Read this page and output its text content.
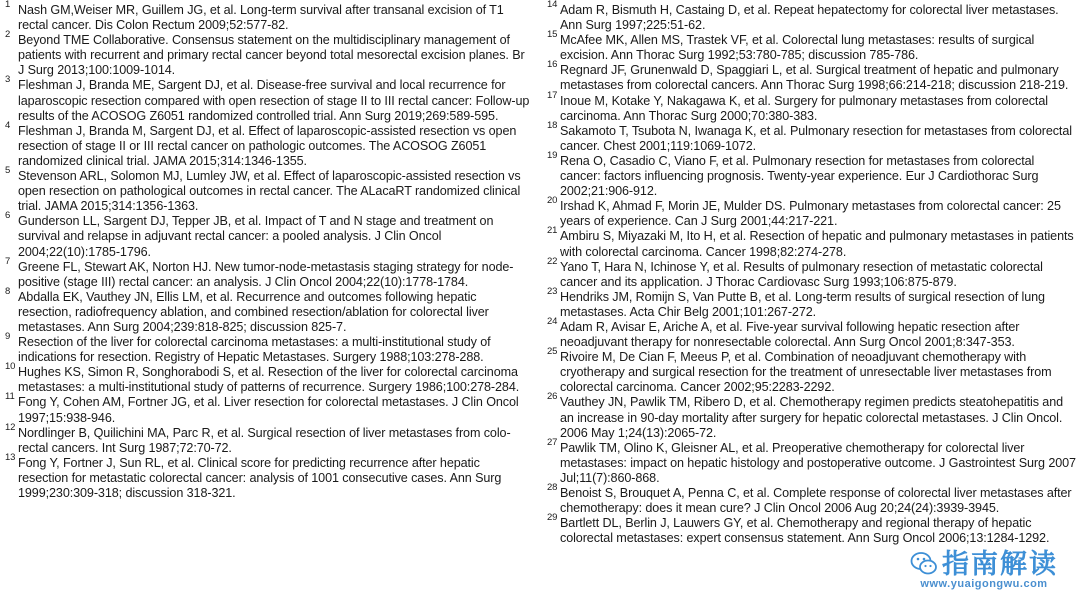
1 Nash GM,Weiser MR, Guillem JG, et al. Long-term survival after transanal excision of T1 rectal cancer. Dis Colon Rectum 2009;52:577-82.

2 Beyond TME Collaborative. Consensus statement on the multidisciplinary management of patients with recurrent and primary rectal cancer beyond total mesorectal excision planes. Br J Surg 2013;100:1009-1014.

3 Fleshman J, Branda ME, Sargent DJ, et al. Disease-free survival and local recurrence for laparoscopic resection compared with open resection of stage II to III rectal cancer: Follow-up results of the ACOSOG Z6051 randomized controlled trial. Ann Surg 2019;269:589-595.

4 Fleshman J, Branda M, Sargent DJ, et al. Effect of laparoscopic-assisted resection vs open resection of stage II or III rectal cancer on pathologic outcomes. The ACOSOG Z6051 randomized clinical trial. JAMA 2015;314:1346-1355.

5 Stevenson ARL, Solomon MJ, Lumley JW, et al. Effect of laparoscopic-assisted resection vs open resection on pathological outcomes in rectal cancer. The ALacaRT randomized clinical trial. JAMA 2015;314:1356-1363.

6 Gunderson LL, Sargent DJ, Tepper JB, et al. Impact of T and N stage and treatment on survival and relapse in adjuvant rectal cancer: a pooled analysis. J Clin Oncol 2004;22(10):1785-1796.

7 Greene FL, Stewart AK, Norton HJ. New tumor-node-metastasis staging strategy for node-positive (stage III) rectal cancer: an analysis. J Clin Oncol 2004;22(10):1778-1784.

8 Abdalla EK, Vauthey JN, Ellis LM, et al. Recurrence and outcomes following hepatic resection, radiofrequency ablation, and combined resection/ablation for colorectal liver metastases. Ann Surg 2004;239:818-825; discussion 825-7.

9 Resection of the liver for colorectal carcinoma metastases: a multi-institutional study of indications for resection. Registry of Hepatic Metastases. Surgery 1988;103:278-288.

10 Hughes KS, Simon R, Songhorabodi S, et al. Resection of the liver for colorectal carcinoma metastases: a multi-institutional study of patterns of recurrence. Surgery 1986;100:278-284.

11 Fong Y, Cohen AM, Fortner JG, et al. Liver resection for colorectal metastases. J Clin Oncol 1997;15:938-946.

12 Nordlinger B, Quilichini MA, Parc R, et al. Surgical resection of liver metastases from colo-rectal cancers. Int Surg 1987;72:70-72.

13 Fong Y, Fortner J, Sun RL, et al. Clinical score for predicting recurrence after hepatic resection for metastatic colorectal cancer: analysis of 1001 consecutive cases. Ann Surg 1999;230:309-318; discussion 318-321.

14 Adam R, Bismuth H, Castaing D, et al. Repeat hepatectomy for colorectal liver metastases. Ann Surg 1997;225:51-62.

15 McAfee MK, Allen MS, Trastek VF, et al. Colorectal lung metastases: results of surgical excision. Ann Thorac Surg 1992;53:780-785; discussion 785-786.

16 Regnard JF, Grunenwald D, Spaggiari L, et al. Surgical treatment of hepatic and pulmonary metastases from colorectal cancers. Ann Thorac Surg 1998;66:214-218; discussion 218-219.

17 Inoue M, Kotake Y, Nakagawa K, et al. Surgery for pulmonary metastases from colorectal carcinoma. Ann Thorac Surg 2000;70:380-383.

18 Sakamoto T, Tsubota N, Iwanaga K, et al. Pulmonary resection for metastases from colorectal cancer. Chest 2001;119:1069-1072.

19 Rena O, Casadio C, Viano F, et al. Pulmonary resection for metastases from colorectal cancer: factors influencing prognosis. Twenty-year experience. Eur J Cardiothorac Surg 2002;21:906-912.

20 Irshad K, Ahmad F, Morin JE, Mulder DS. Pulmonary metastases from colorectal cancer: 25 years of experience. Can J Surg 2001;44:217-221.

21 Ambiru S, Miyazaki M, Ito H, et al. Resection of hepatic and pulmonary metastases in patients with colorectal carcinoma. Cancer 1998;82:274-278.

22 Yano T, Hara N, Ichinose Y, et al. Results of pulmonary resection of metastatic colorectal cancer and its application. J Thorac Cardiovasc Surg 1993;106:875-879.

23 Hendriks JM, Romijn S, Van Putte B, et al. Long-term results of surgical resection of lung metastases. Acta Chir Belg 2001;101:267-272.

24 Adam R, Avisar E, Ariche A, et al. Five-year survival following hepatic resection after neoadjuvant therapy for nonresectable colorectal. Ann Surg Oncol 2001;8:347-353.

25 Rivoire M, De Cian F, Meeus P, et al. Combination of neoadjuvant chemotherapy with cryotherapy and surgical resection for the treatment of unresectable liver metastases from colorectal carcinoma. Cancer 2002;95:2283-2292.

26 Vauthey JN, Pawlik TM, Ribero D, et al. Chemotherapy regimen predicts steatohepatitis and an increase in 90-day mortality after surgery for hepatic colorectal metastases. J Clin Oncol. 2006 May 1;24(13):2065-72.

27 Pawlik TM, Olino K, Gleisner AL, et al. Preoperative chemotherapy for colorectal liver metastases: impact on hepatic histology and postoperative outcome. J Gastrointest Surg 2007 Jul;11(7):860-868.

28 Benoist S, Brouquet A, Penna C, et al. Complete response of colorectal liver metastases after chemotherapy: does it mean cure? J Clin Oncol 2006 Aug 20;24(24):3939-3945.

29 Bartlett DL, Berlin J, Lauwers GY, et al. Chemotherapy and regional therapy of hepatic colorectal metastases: expert consensus statement. Ann Surg Oncol 2006;13:1284-1292.

指南解读
www.yuaigongwu.com
